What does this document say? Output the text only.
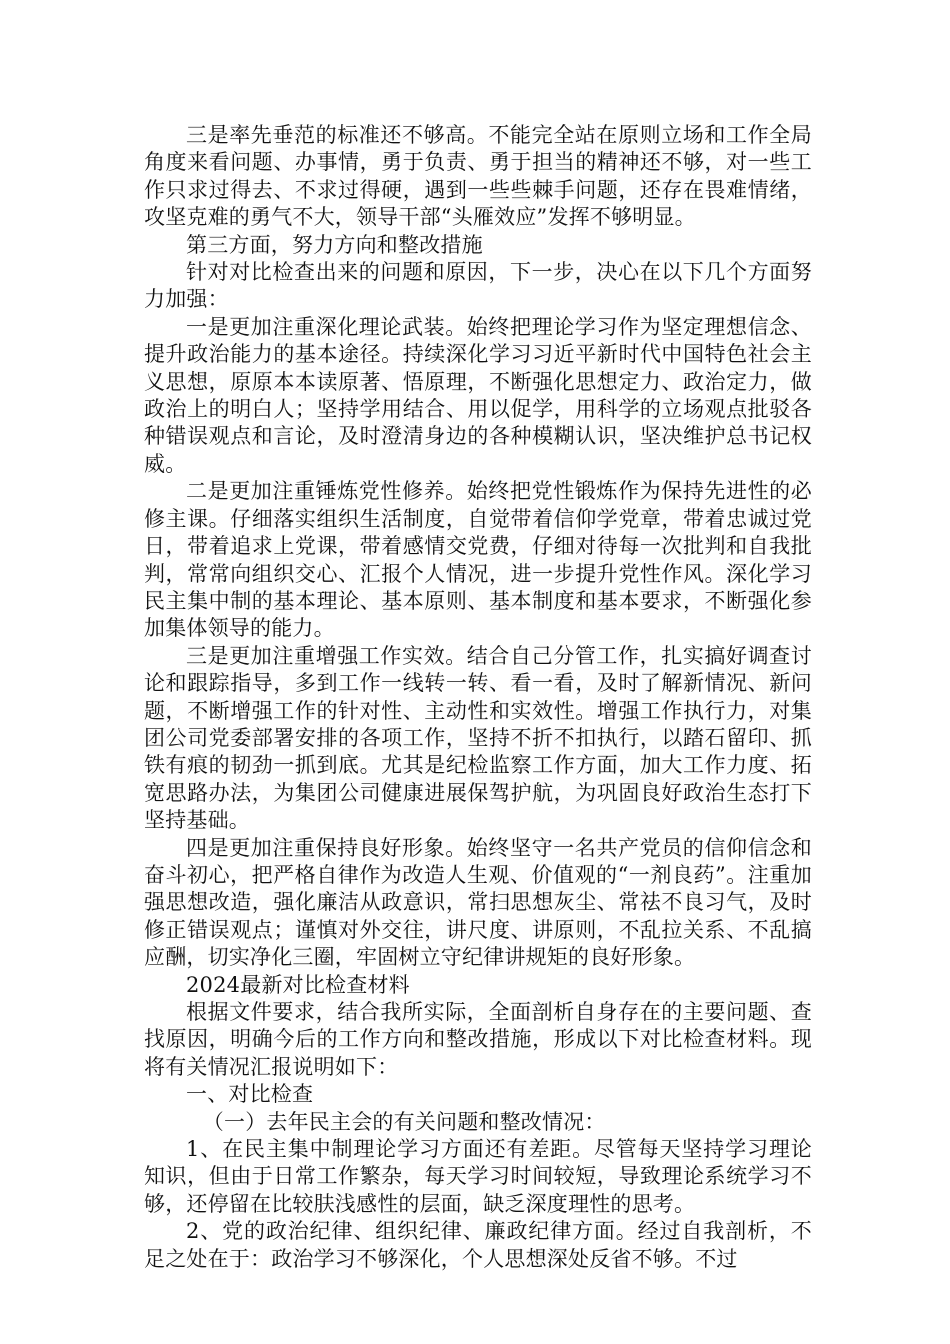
三是率先垂范的标准还不够高。不能完全站在原则立场和工作全局角度来看问题、办事情，勇于负责、勇于担当的精神还不够，对一些工作只求过得去、不求过得硬，遇到一些些棘手问题，还存在畏难情绪，攻坚克难的勇气不大，领导干部“头雁效应”发挥不够明显。

第三方面，努力方向和整改措施

针对对比检查出来的问题和原因，下一步，决心在以下几个方面努力加强：

一是更加注重深化理论武装。始终把理论学习作为坚定理想信念、提升政治能力的基本途径。持续深化学习习近平新时代中国特色社会主义思想，原原本本读原著、悟原理，不断强化思想定力、政治定力，做政治上的明白人；坚持学用结合、用以促学，用科学的立场观点批驳各种错误观点和言论，及时澄清身边的各种模糊认识，坚决维护总书记权威。

二是更加注重锤炼党性修养。始终把党性锻炼作为保持先进性的必修主课。仔细落实组织生活制度，自觉带着信仰学党章，带着忠诚过党日，带着追求上党课，带着感情交党费，仔细对待每一次批判和自我批判，常常向组织交心、汇报个人情况，进一步提升党性作风。深化学习民主集中制的基本理论、基本原则、基本制度和基本要求，不断强化参加集体领导的能力。

三是更加注重增强工作实效。结合自己分管工作，扎实搞好调查讨论和跟踪指导，多到工作一线转一转、看一看，及时了解新情况、新问题，不断增强工作的针对性、主动性和实效性。增强工作执行力，对集团公司党委部署安排的各项工作，坚持不折不扣执行，以踏石留印、抓铁有痕的韧劲一抓到底。尤其是纪检监察工作方面，加大工作力度、拓宽思路办法，为集团公司健康进展保驾护航，为巩固良好政治生态打下坚持基础。

四是更加注重保持良好形象。始终坚守一名共产党员的信仰信念和奋斗初心，把严格自律作为改造人生观、价值观的“一剂良药”。注重加强思想改造，强化廉洁从政意识，常扫思想灰尘、常祛不良习气，及时修正错误观点；谨慎对外交往，讲尺度、讲原则，不乱拉关系、不乱搞应酬，切实净化三圈，牢固树立守纪律讲规矩的良好形象。

2024最新对比检查材料

根据文件要求，结合我所实际，全面剖析自身存在的主要问题、查找原因，明确今后的工作方向和整改措施，形成以下对比检查材料。现将有关情况汇报说明如下：

一、对比检查

（一）去年民主会的有关问题和整改情况：

1、在民主集中制理论学习方面还有差距。尽管每天坚持学习理论知识，但由于日常工作繁杂，每天学习时间较短，导致理论系统学习不够，还停留在比较肤浅感性的层面，缺乏深度理性的思考。

2、党的政治纪律、组织纪律、廉政纪律方面。经过自我剖析，不足之处在于：政治学习不够深化，个人思想深处反省不够。不过
